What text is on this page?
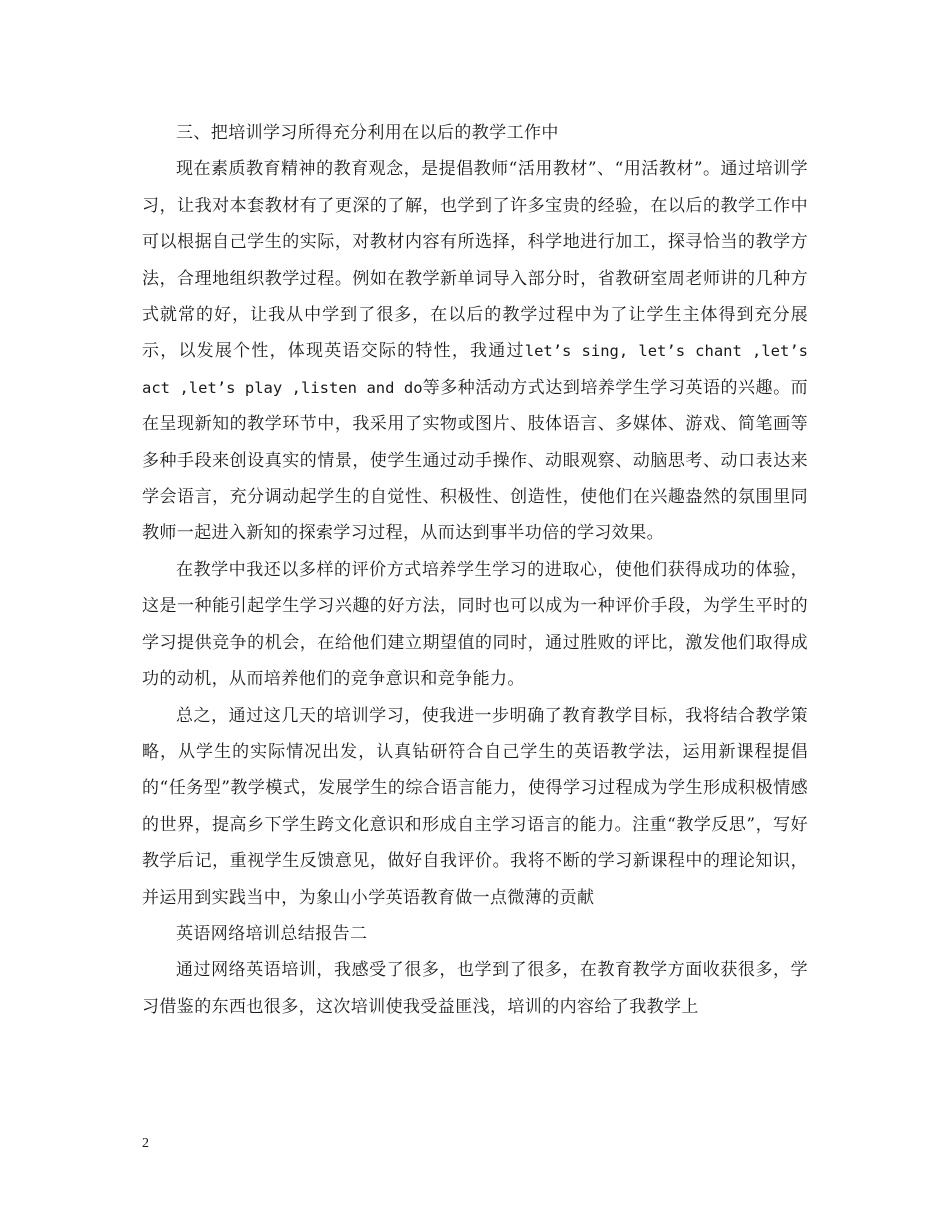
三、把培训学习所得充分利用在以后的教学工作中

现在素质教育精神的教育观念，是提倡教师“活用教材”、“用活教材”。通过培训学习，让我对本套教材有了更深的了解，也学到了许多宝贵的经验，在以后的教学工作中可以根据自己学生的实际，对教材内容有所选择，科学地进行加工，探寻恰当的教学方法，合理地组织教学过程。例如在教学新单词导入部分时，省教研室周老师讲的几种方式就常的好，让我从中学到了很多，在以后的教学过程中为了让学生主体得到充分展示，以发展个性，体现英语交际的特性，我通过let’s sing, let’s chant ,let’s act ,let’s play ,listen and do等多种活动方式达到培养学生学习英语的兴趣。而在呈现新知的教学环节中，我采用了实物或图片、肢体语言、多媒体、游戏、简笔画等多种手段来创设真实的情景，使学生通过动手操作、动眼观察、动脑思考、动口表达来学会语言，充分调动起学生的自觉性、积极性、创造性，使他们在兴趣盎然的氛围里同教师一起进入新知的探索学习过程，从而达到事半功倍的学习效果。

在教学中我还以多样的评价方式培养学生学习的进取心，使他们获得成功的体验，这是一种能引起学生学习兴趣的好方法，同时也可以成为一种评价手段，为学生平时的学习提供竞争的机会，在给他们建立期望值的同时，通过胜败的评比，激发他们取得成功的动机，从而培养他们的竞争意识和竞争能力。

总之，通过这几天的培训学习，使我进一步明确了教育教学目标，我将结合教学策略，从学生的实际情况出发，认真钻研符合自己学生的英语教学法，运用新课程提倡的“任务型”教学模式，发展学生的综合语言能力，使得学习过程成为学生形成积极情感的世界，提高乡下学生跨文化意识和形成自主学习语言的能力。注重“教学反思”，写好教学后记，重视学生反馈意见，做好自我评价。我将不断的学习新课程中的理论知识，并运用到实践当中，为象山小学英语教育做一点微薄的贡献

英语网络培训总结报告二

通过网络英语培训，我感受了很多，也学到了很多，在教育教学方面收获很多，学习借鉴的东西也很多，这次培训使我受益匪浅，培训的内容给了我教学上

2
